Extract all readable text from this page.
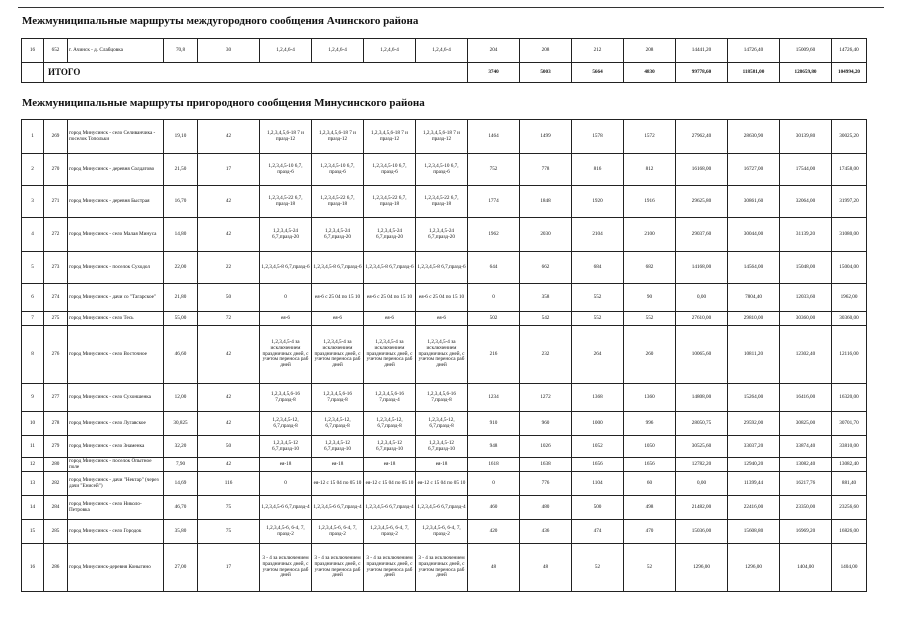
Межмуниципальные маршруты междугородного сообщения Ачинского района
16	652	г. Ачинск - д. Слабцовка	70,8	30	1,2,4,6-4	1,2,4,6-4	1,2,4,6-4	1,2,4,6-4	204	208	212	208	14441,20	14726,40	15009,60	14726,40
	ИТОГО								3740	5003	5664	4830	99778,60	118581,00	128659,80	104994,20
Межмуниципальные маршруты пригородного сообщения Минусинского района
1	269	город Минусинск - село Селиванчика - поселок Топольки	19,10	42	1,2,3,4,5,6-18 7 и празд-12	1,2,3,4,5,6-18 7 и празд-12	1,2,3,4,5,6-18 7 и празд-12	1,2,3,4,5,6-18 7 и празд-12	1464	1499	1578	1572	27962,40	28630,90	30139,80	30025,20
2	270	город Минусинск - деревня Солдатово	21,50	17	1,2,3,4,5-10 6,7, празд-6	1,2,3,4,5-10 6,7, празд-6	1,2,3,4,5-10 6,7, празд-6	1,2,3,4,5-10 6,7, празд-6	752	778	816	812	16168,00	16727,00	17544,00	17458,00
3	271	город Минусинск - деревня Быстрая	16,70	42	1,2,3,4,5-22 6,7, празд-18	1,2,3,4,5-22 6,7, празд-18	1,2,3,4,5-22 6,7, празд-18	1,2,3,4,5-22 6,7, празд-18	1774	1848	1920	1916	29625,80	30861,60	32064,00	31997,20
4	272	город Минусинск - село Малая Минуса	14,80	42	1,2,3,4,5-24 6,7,празд-20	1,2,3,4,5-24 6,7,празд-20	1,2,3,4,5-24 6,7,празд-20	1,2,3,4,5-24 6,7,празд-20	1962	2030	2104	2100	29037,60	30044,00	31139,20	31080,00
5	273	город Минусинск - поселок Суходол	22,00	22	1,2,3,4,5-8 6,7,празд-6	1,2,3,4,5-8 6,7,празд-6	1,2,3,4,5-8 6,7,празд-6	1,2,3,4,5-8 6,7,празд-6	644	662	684	682	14168,00	14564,00	15048,00	15004,00
6	274	город Минусинск - дачи со "Тагарское"	21,80	50	0	ея-6 с 25 04 по 15 10	ея-6 с 25 04 по 15 10	ея-6 с 25 04 по 15 10	0	358	552	90	0,00	7804,40	12033,60	1962,00
7	275	город Минусинск - село Тесь	55,00	72	ея-6	ея-6	ея-6	ея-6	502	542	552	552	27610,00	29810,00	30360,00	30360,00
8	276	город Минусинск - село Восточное	46,60	42	1,2,3,4,5-4 за исключением праздничных дней, с учетом переноса раб дней	1,2,3,4,5-4 за исключением праздничных дней, с учетом переноса раб дней	1,2,3,4,5-4 за исключением праздничных дней, с учетом переноса раб дней	1,2,3,4,5-4 за исключением праздничных дней, с учетом переноса раб дней	216	232	264	260	10065,60	10811,20	12302,40	12116,00
9	277	город Минусинск - село Сухоншенка	12,00	42	1,2,3,4,5,6-16 7,празд-8	1,2,3,4,5,6-16 7,празд-8	1,2,3,4,5,6-16 7,празд-4	1,2,3,4,5,6-16 7,празд-8	1234	1272	1368	1360	14808,00	15264,00	16416,00	16320,00
10	278	город Минусинск - село Лугавское	30,825	42	1,2,3,4,5-12, 6,7,празд-8	1,2,3,4,5-12, 6,7,празд-8	1,2,3,4,5-12, 6,7,празд-8	1,2,3,4,5-12, 6,7,празд-8	910	960	1000	996	28050,75	29592,00	30825,00	30701,70
11	279	город Минусинск - село Знаменка	32,20	50	1,2,3,4,5-12 6,7,празд-10	1,2,3,4,5-12 6,7,празд-10	1,2,3,4,5-12 6,7,празд-10	1,2,3,4,5-12 6,7,празд-10	948	1026	1052	1050	30525,60	33037,20	33874,40	33810,00
12	280	город Минусинск - поселок Опытное поле	7,90	42	ея-18	ея-18	ея-18	ея-18	1618	1638	1656	1656	12782,20	12940,20	13082,40	13082,40
13	282	город Минусинск - дачи "Нектар" (через дачи "Енисей")	14,69	116	0	ея-12 с 15 04 по 05 10	ея-12 с 15 04 по 05 10	ея-12 с 15 04 по 05 10	0	776	1104	60	0,00	11399,44	16217,76	881,40
14	284	город Минусинск - село Николо-Петровка	46,70	75	1,2,3,4,5-6 6,7,празд-4	1,2,3,4,5-6 6,7,празд-4	1,2,3,4,5-6 6,7,празд-4	1,2,3,4,5-6 6,7,празд-4	460	480	500	498	21482,00	22416,00	23350,00	23256,60
15	285	город Минусинск - село Городок	35,80	75	1,2,3,4,5-6, 6-4, 7, празд-2	1,2,3,4,5-6, 6-4, 7, празд-2	1,2,3,4,5-6, 6-4, 7, празд-2	1,2,3,4,5-6, 6-4, 7, празд-2	420	436	474	470	15036,00	15608,80	16969,20	16826,00
16	286	город Минусинск-деревня Коныгино	27,00	17	3 - 4 за исключением праздничных дней, с учетом переноса раб дней	3 - 4 за исключением праздничных дней, с учетом переноса раб дней	3 - 4 за исключением праздничных дней, с учетом переноса раб дней	3 - 4 за исключением праздничных дней, с учетом переноса раб дней	48	48	52	52	1296,00	1296,00	1404,00	1404,00
